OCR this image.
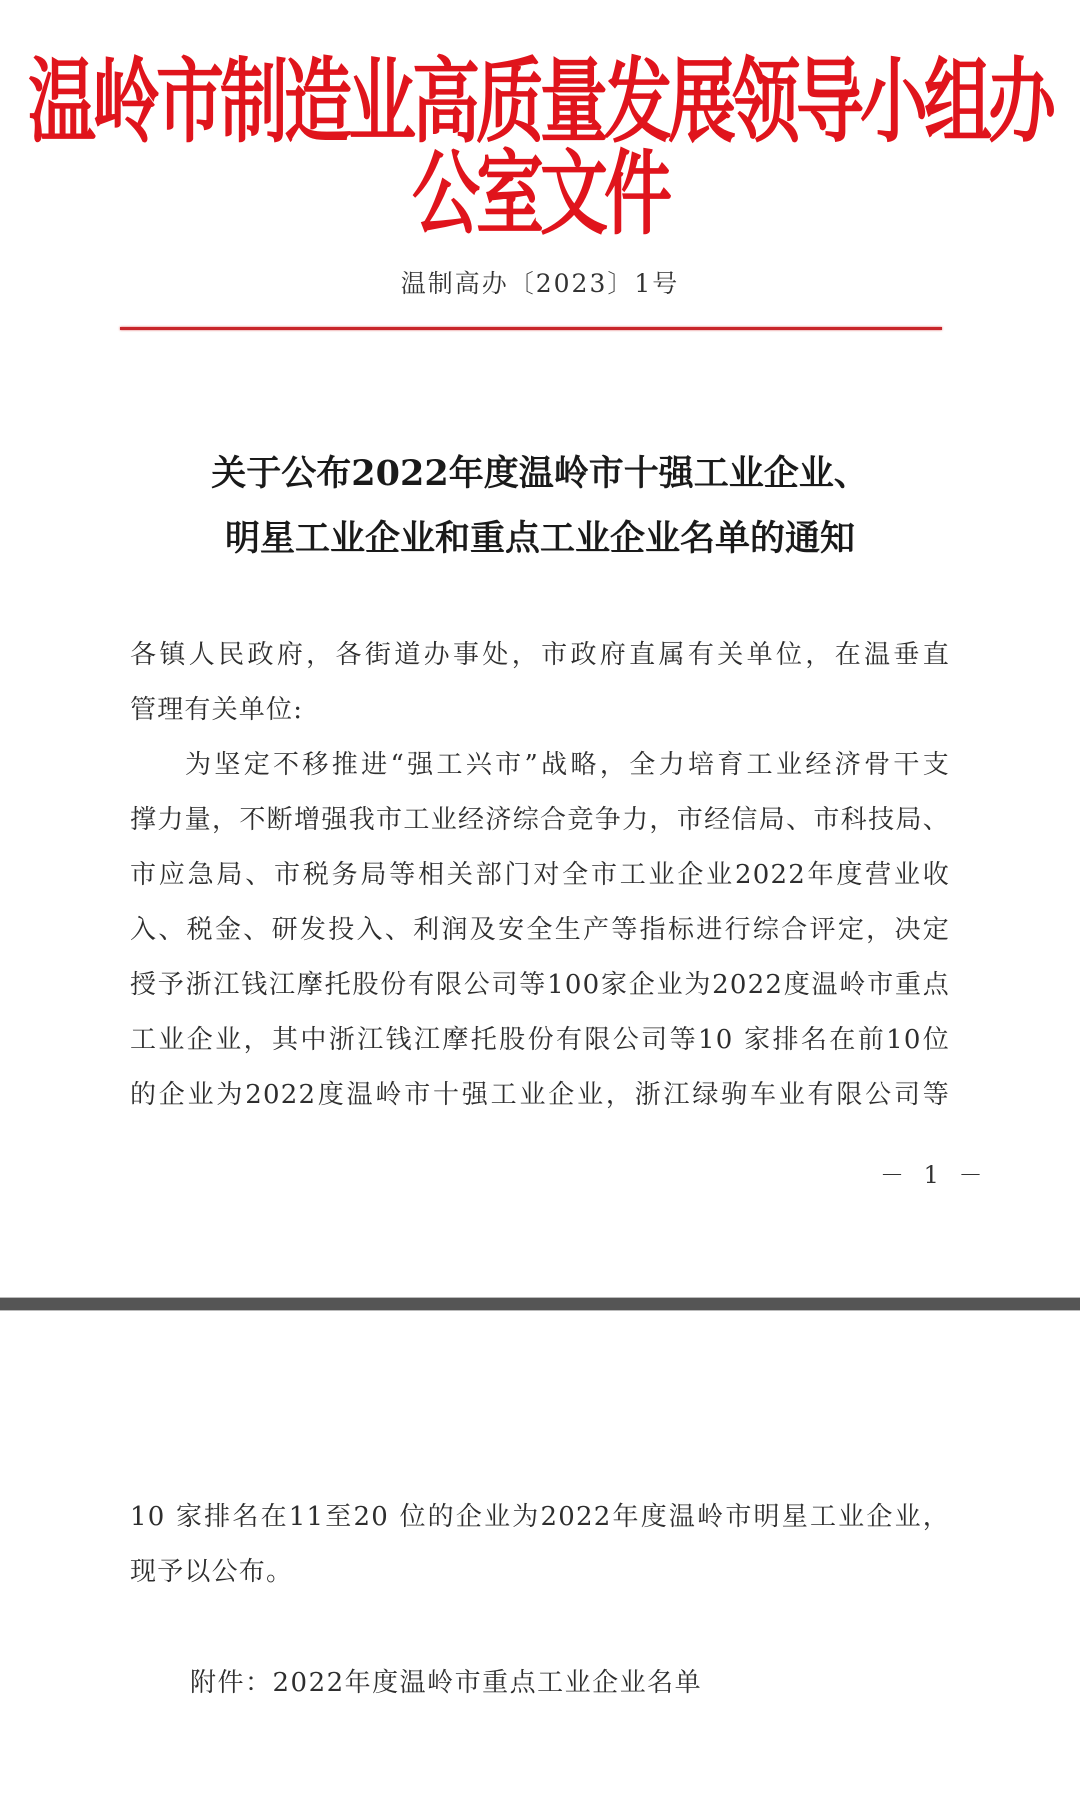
温岭市制造业高质量发展领导小组办公室文件
温制高办〔2023〕1号
关于公布2022年度温岭市十强工业企业、
明星工业企业和重点工业企业名单的通知
各镇人民政府，各街道办事处，市政府直属有关单位，在温垂直
管理有关单位:
为坚定不移推进“强工兴市”战略，全力培育工业经济骨干支
撑力量，不断增强我市工业经济综合竞争力，市经信局、市科技局、
市应急局、市税务局等相关部门对全市工业企业2022年度营业收
入、税金、研发投入、利润及安全生产等指标进行综合评定，决定
授予浙江钱江摩托股份有限公司等100家企业为2022度温岭市重点
工业企业，其中浙江钱江摩托股份有限公司等10 家排名在前10位
的企业为2022度温岭市十强工业企业，浙江绿驹车业有限公司等
－ 1 －
10 家排名在11至20 位的企业为2022年度温岭市明星工业企业，
现予以公布。
附件：2022年度温岭市重点工业企业名单
